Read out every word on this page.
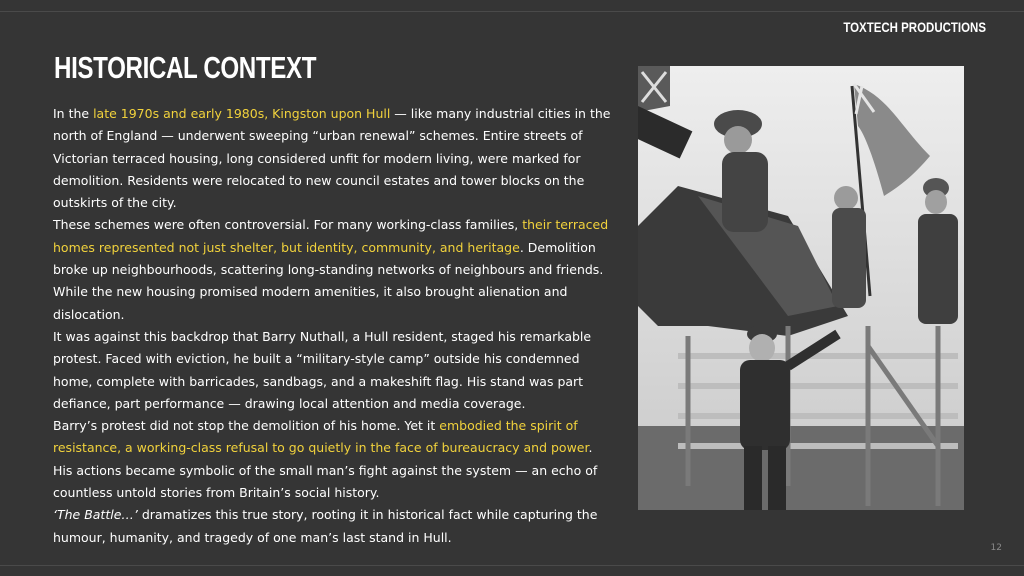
TOXTECH PRODUCTIONS
HISTORICAL CONTEXT

In the late 1970s and early 1980s, Kingston upon Hull — like many industrial cities in the north of England — underwent sweeping “urban renewal” schemes. Entire streets of Victorian terraced housing, long considered unfit for modern living, were marked for demolition. Residents were relocated to new council estates and tower blocks on the outskirts of the city.

These schemes were often controversial. For many working-class families, their terraced homes represented not just shelter, but identity, community, and heritage. Demolition broke up neighbourhoods, scattering long-standing networks of neighbours and friends. While the new housing promised modern amenities, it also brought alienation and dislocation.

It was against this backdrop that Barry Nuthall, a Hull resident, staged his remarkable protest. Faced with eviction, he built a “military-style camp” outside his condemned home, complete with barricades, sandbags, and a makeshift flag. His stand was part defiance, part performance — drawing local attention and media coverage.

Barry’s protest did not stop the demolition of his home. Yet it embodied the spirit of resistance, a working-class refusal to go quietly in the face of bureaucracy and power. His actions became symbolic of the small man’s fight against the system — an echo of countless untold stories from Britain’s social history.

‘The Battle…’ dramatizes this true story, rooting it in historical fact while capturing the humour, humanity, and tragedy of one man’s last stand in Hull.

12
